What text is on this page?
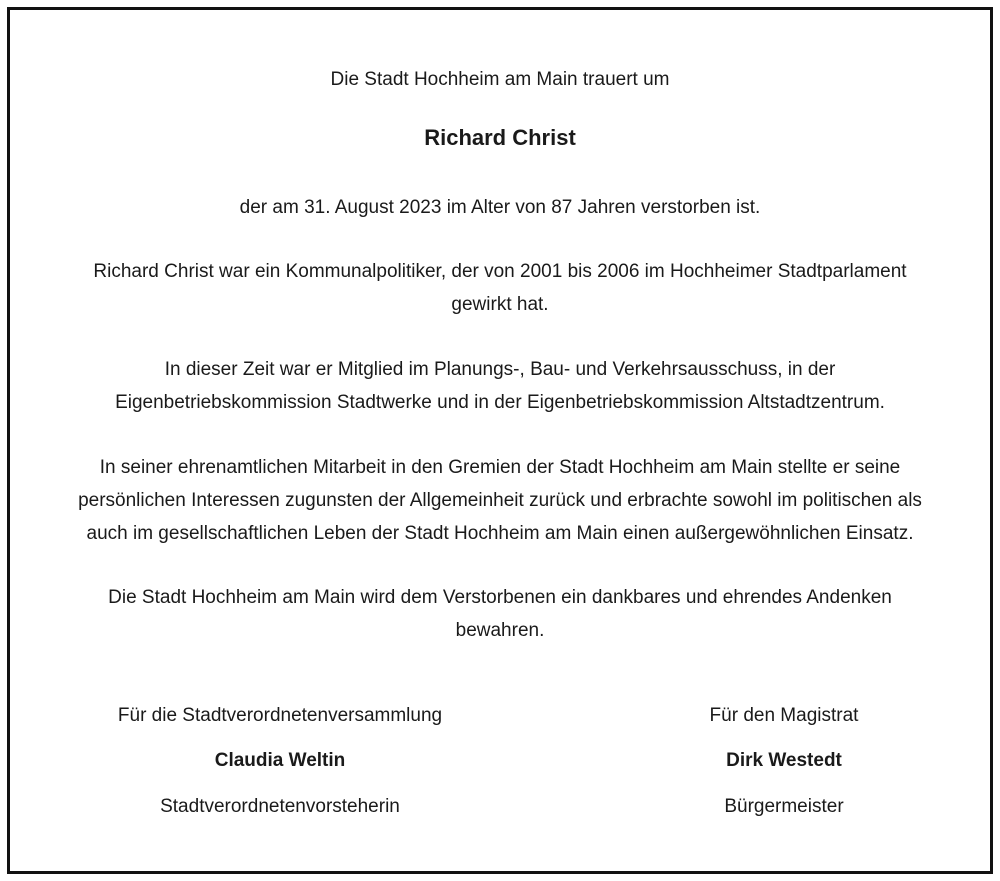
Die Stadt Hochheim am Main trauert um
Richard Christ
der am 31. August 2023 im Alter von 87 Jahren verstorben ist.
Richard Christ war ein Kommunalpolitiker, der von 2001 bis 2006 im Hochheimer Stadtparlament
gewirkt hat.
In dieser Zeit war er Mitglied im Planungs-, Bau- und Verkehrsausschuss, in der
Eigenbetriebskommission Stadtwerke und in der Eigenbetriebskommission Altstadtzentrum.
In seiner ehrenamtlichen Mitarbeit in den Gremien der Stadt Hochheim am Main stellte er seine
persönlichen Interessen zugunsten der Allgemeinheit zurück und erbrachte sowohl im politischen als
auch im gesellschaftlichen Leben der Stadt Hochheim am Main einen außergewöhnlichen Einsatz.
Die Stadt Hochheim am Main wird dem Verstorbenen ein dankbares und ehrendes Andenken
bewahren.
Für die Stadtverordnetenversammlung
Claudia Weltin
Stadtverordnetenvorsteherin
Für den Magistrat
Dirk Westedt
Bürgermeister
